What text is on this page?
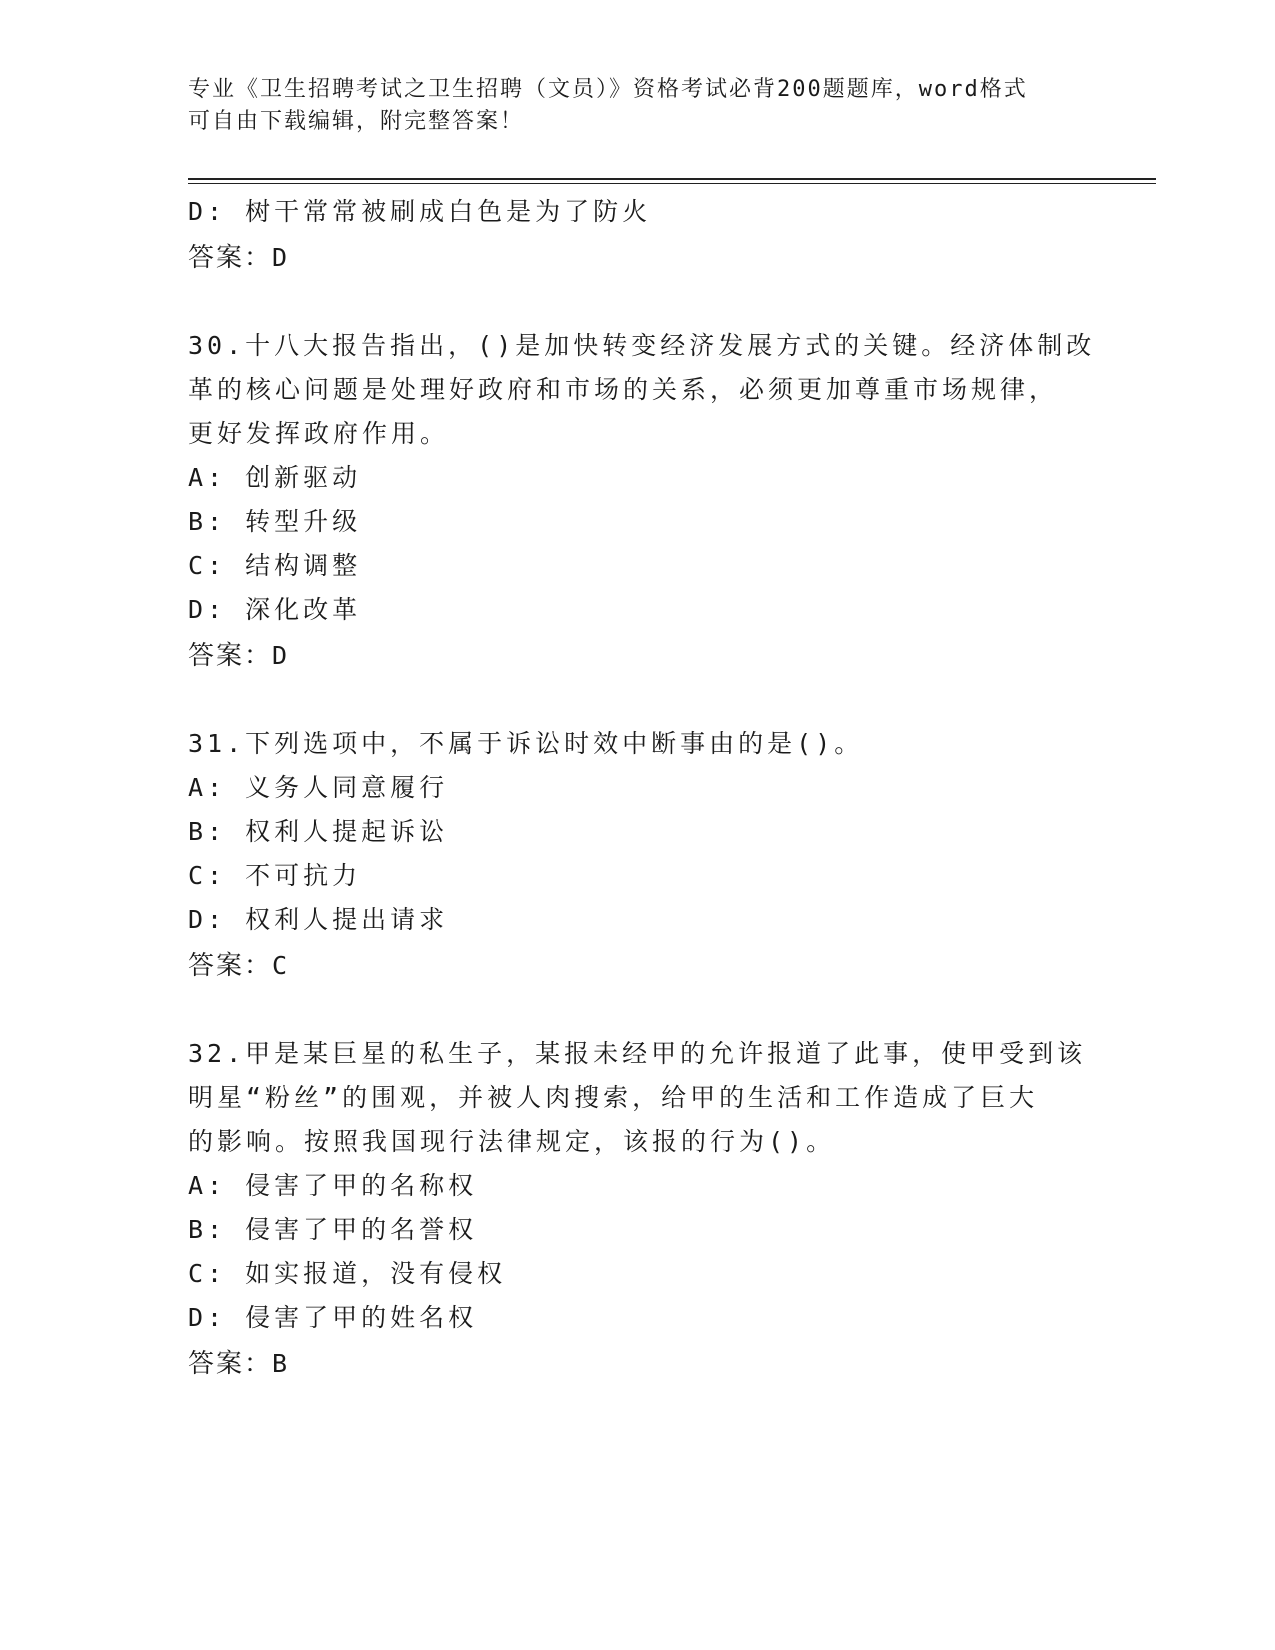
专业《卫生招聘考试之卫生招聘（文员）》资格考试必背200题题库，word格式
可自由下载编辑，附完整答案！
D: 树干常常被刷成白色是为了防火
答案：D
30.十八大报告指出，()是加快转变经济发展方式的关键。经济体制改
革的核心问题是处理好政府和市场的关系，必须更加尊重市场规律，
更好发挥政府作用。
A: 创新驱动
B: 转型升级
C: 结构调整
D: 深化改革
答案：D
31.下列选项中，不属于诉讼时效中断事由的是()。
A: 义务人同意履行
B: 权利人提起诉讼
C: 不可抗力
D: 权利人提出请求
答案：C
32.甲是某巨星的私生子，某报未经甲的允许报道了此事，使甲受到该
明星“粉丝”的围观，并被人肉搜索，给甲的生活和工作造成了巨大
的影响。按照我国现行法律规定，该报的行为()。
A: 侵害了甲的名称权
B: 侵害了甲的名誉权
C: 如实报道，没有侵权
D: 侵害了甲的姓名权
答案：B
